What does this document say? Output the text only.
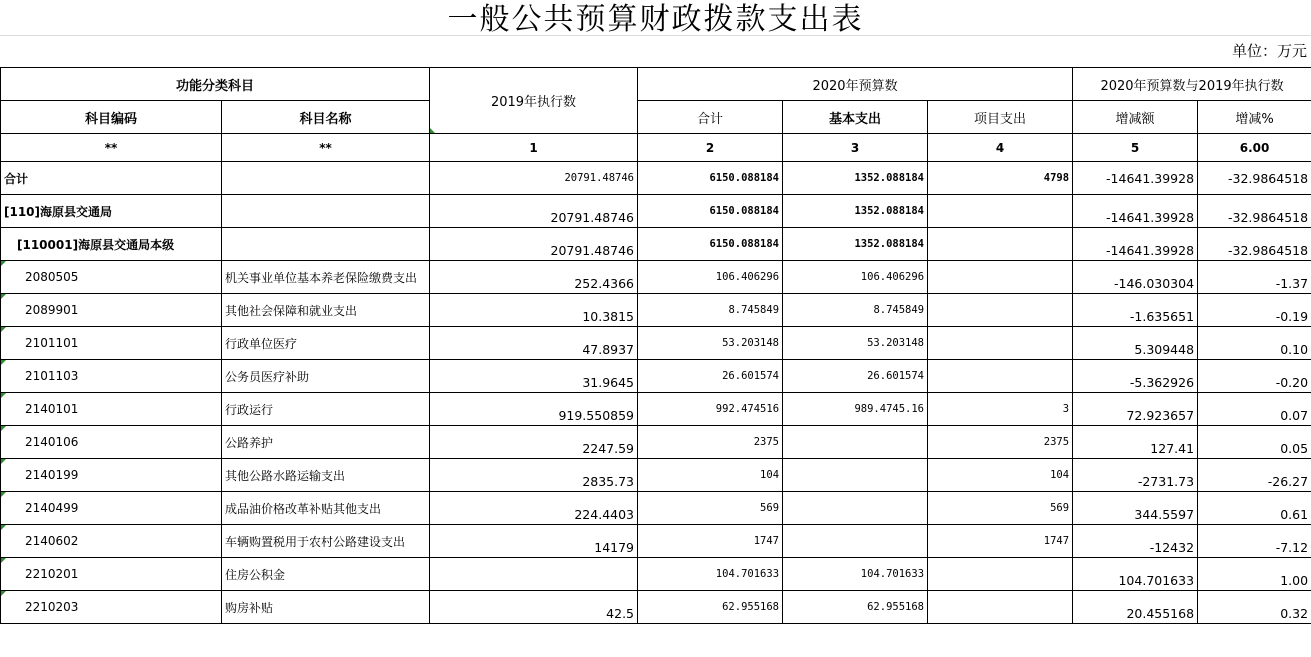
一般公共预算财政拨款支出表
单位：万元
功能分类科目		2019年执行数	2020年预算数			2020年预算数与2019年执行数	
			合计	基本支出	项目支出	增减额	增减%
科目编码	科目名称						
**	**	1	2	3	4	5	6.00
合计		20791.48746	6150.088184	1352.088184	4798	-14641.39928	-32.9864518
[110]海原县交通局		20791.48746	6150.088184	1352.088184		-14641.39928	-32.9864518
[110001]海原县交通局本级		20791.48746	6150.088184	1352.088184		-14641.39928	-32.9864518
2080505	机关事业单位基本养老保险缴费支出	252.4366	106.406296	106.406296		-146.030304	-1.37
2089901	其他社会保障和就业支出	10.3815	8.745849	8.745849		-1.635651	-0.19
2101101	行政单位医疗	47.8937	53.203148	53.203148		5.309448	0.10
2101103	公务员医疗补助	31.9645	26.601574	26.601574		-5.362926	-0.20
2140101	行政运行	919.550859	992.474516	989.4745.16	3	72.923657	0.07
2140106	公路养护	2247.59	2375		2375	127.41	0.05
2140199	其他公路水路运输支出	2835.73	104		104	-2731.73	-26.27
2140499	成品油价格改革补贴其他支出	224.4403	569		569	344.5597	0.61
2140602	车辆购置税用于农村公路建设支出	14179	1747		1747	-12432	-7.12
2210201	住房公积金		104.701633	104.701633		104.701633	1.00
2210203	购房补贴	42.5	62.955168	62.955168		20.455168	0.32
